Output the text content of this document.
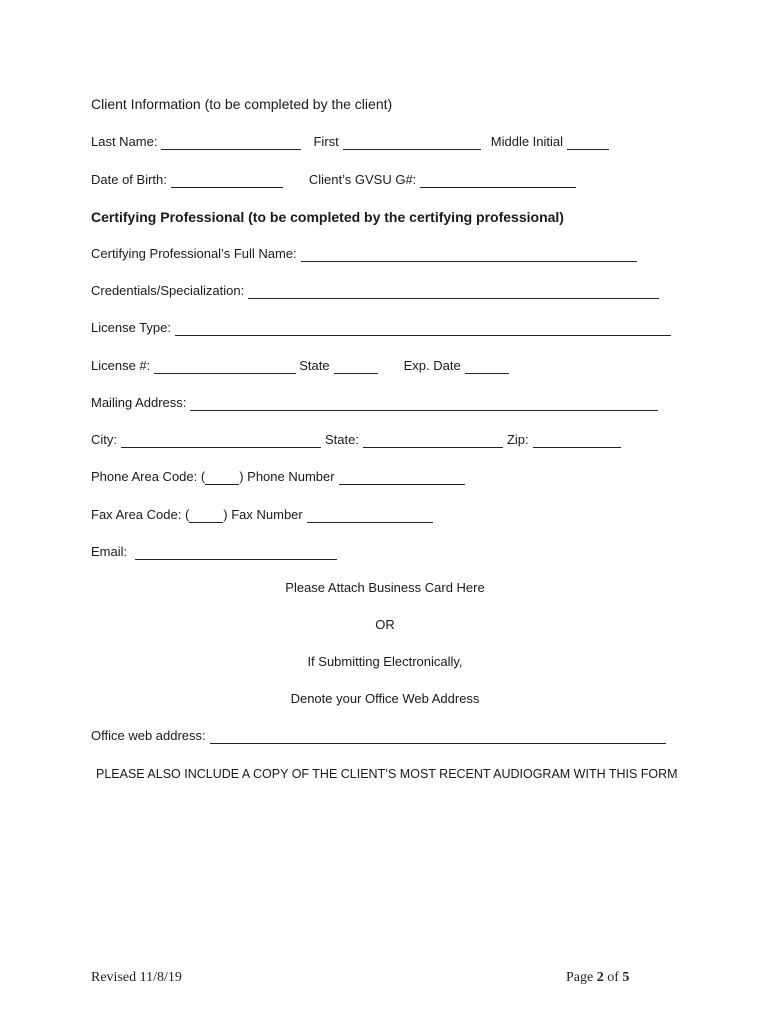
Client Information (to be completed by the client)
Last Name:	First	Middle Initial
Date of Birth:	Client’s GVSU G#:
Certifying Professional (to be completed by the certifying professional)
Certifying Professional’s Full Name:
Credentials/Specialization:
License Type:
License #:	State	Exp. Date
Mailing Address:
City:	State:	Zip:
Phone Area Code: (	) Phone Number
Fax Area Code: (	) Fax Number
Email:
Please Attach Business Card Here
OR
If Submitting Electronically,
Denote your Office Web Address
Office web address:
PLEASE ALSO INCLUDE A COPY OF THE CLIENT’S MOST RECENT AUDIOGRAM WITH THIS FORM
Revised 11/8/19	Page 2 of 5
